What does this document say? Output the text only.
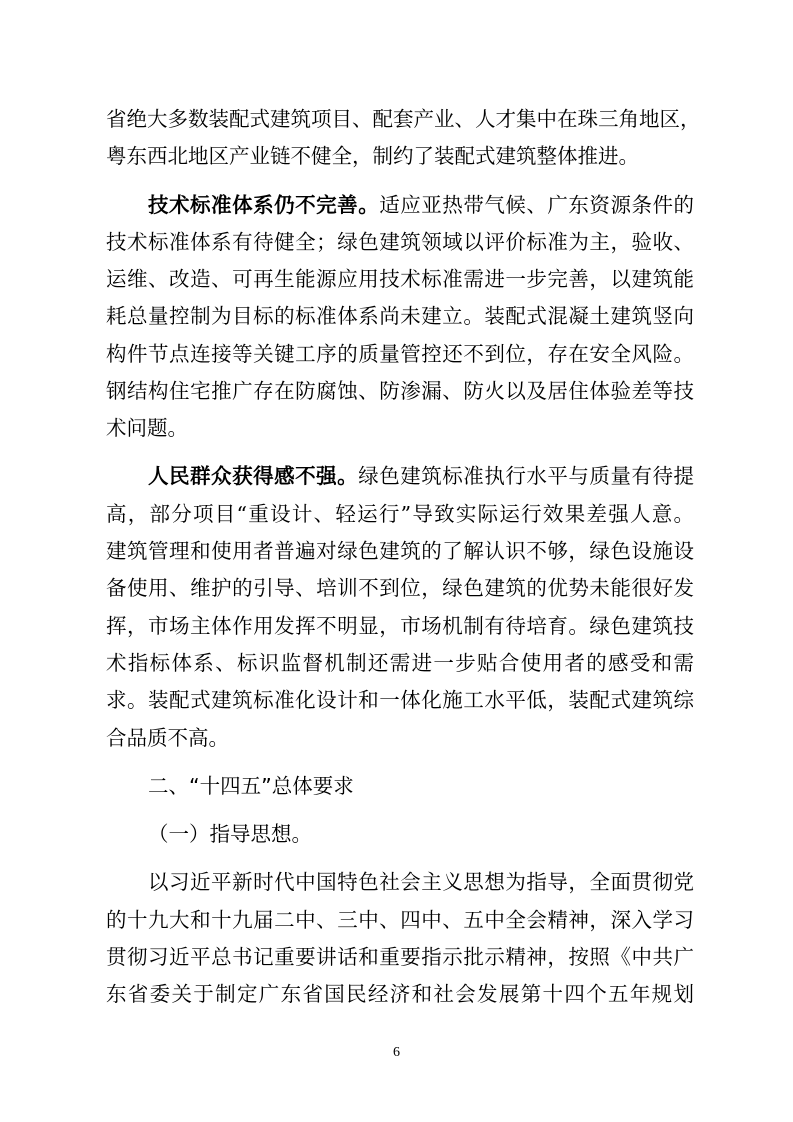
省绝大多数装配式建筑项目、配套产业、人才集中在珠三角地区，
粤东西北地区产业链不健全，制约了装配式建筑整体推进。
技术标准体系仍不完善。适应亚热带气候、广东资源条件的
技术标准体系有待健全；绿色建筑领域以评价标准为主，验收、
运维、改造、可再生能源应用技术标准需进一步完善，以建筑能
耗总量控制为目标的标准体系尚未建立。装配式混凝土建筑竖向
构件节点连接等关键工序的质量管控还不到位，存在安全风险。
钢结构住宅推广存在防腐蚀、防渗漏、防火以及居住体验差等技
术问题。
人民群众获得感不强。绿色建筑标准执行水平与质量有待提
高，部分项目“重设计、轻运行”导致实际运行效果差强人意。
建筑管理和使用者普遍对绿色建筑的了解认识不够，绿色设施设
备使用、维护的引导、培训不到位，绿色建筑的优势未能很好发
挥，市场主体作用发挥不明显，市场机制有待培育。绿色建筑技
术指标体系、标识监督机制还需进一步贴合使用者的感受和需
求。装配式建筑标准化设计和一体化施工水平低，装配式建筑综
合品质不高。
二、“十四五”总体要求
（一）指导思想。
以习近平新时代中国特色社会主义思想为指导，全面贯彻党
的十九大和十九届二中、三中、四中、五中全会精神，深入学习
贯彻习近平总书记重要讲话和重要指示批示精神，按照《中共广
东省委关于制定广东省国民经济和社会发展第十四个五年规划
6
